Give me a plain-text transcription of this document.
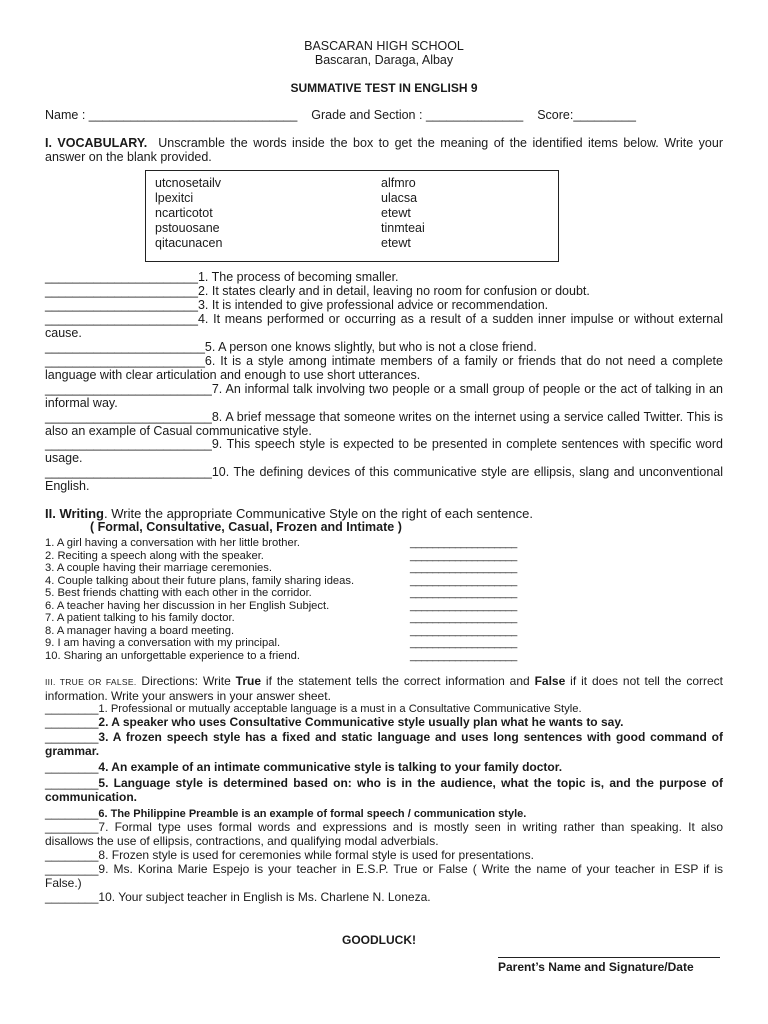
BASCARAN HIGH SCHOOL
Bascaran, Daraga, Albay
SUMMATIVE TEST IN ENGLISH 9
Name : ______________________________ Grade and Section : ______________ Score:_________
I. VOCABULARY. Unscramble the words inside the box to get the meaning of the identified items below. Write your answer on the blank provided.
utcnosetailv
lpexitci
ncarticotot
pstouosane
qitacunacen
alfmro
ulacsa
etewt
tinmteai
etewt
______________________1. The process of becoming smaller.
______________________2. It states clearly and in detail, leaving no room for confusion or doubt.
______________________3. It is intended to give professional advice or recommendation.
______________________4. It means performed or occurring as a result of a sudden inner impulse or without external cause.
_______________________5. A person one knows slightly, but who is not a close friend.
_______________________6. It is a style among intimate members of a family or friends that do not need a complete language with clear articulation and enough to use short utterances.
________________________7. An informal talk involving two people or a small group of people or the act of talking in an informal way.
________________________8. A brief message that someone writes on the internet using a service called Twitter. This is also an example of Casual communicative style.
________________________9. This speech style is expected to be presented in complete sentences with specific word usage.
________________________10. The defining devices of this communicative style are ellipsis, slang and unconventional English.
II. Writing. Write the appropriate Communicative Style on the right of each sentence.
( Formal, Consultative, Casual, Frozen and Intimate )
1. A girl having a conversation with her little brother.
2. Reciting a speech along with the speaker.
3. A couple having their marriage ceremonies.
4. Couple talking about their future plans, family sharing ideas.
5. Best friends chatting with each other in the corridor.
6. A teacher having her discussion in her English Subject.
7. A patient talking to his family doctor.
8. A manager having a board meeting.
9. I am having a conversation with my principal.
10. Sharing an unforgettable experience to a friend.
___________________
___________________
___________________
___________________
___________________
___________________
___________________
___________________
___________________
___________________
III. TRUE OR FALSE. Directions: Write True if the statement tells the correct information and False if it does not tell the correct information. Write your answers in your answer sheet.
________1. Professional or mutually acceptable language is a must in a Consultative Communicative Style.
________2. A speaker who uses Consultative Communicative style usually plan what he wants to say.
________3. A frozen speech style has a fixed and static language and uses long sentences with good command of grammar.
________4. An example of an intimate communicative style is talking to your family doctor.
________5. Language style is determined based on: who is in the audience, what the topic is, and the purpose of communication.
________6. The Philippine Preamble is an example of formal speech / communication style.
________7. Formal type uses formal words and expressions and is mostly seen in writing rather than speaking. It also disallows the use of ellipsis, contractions, and qualifying modal adverbials.
________8. Frozen style is used for ceremonies while formal style is used for presentations.
________9. Ms. Korina Marie Espejo is your teacher in E.S.P. True or False ( Write the name of your teacher in ESP if is False.)
________10. Your subject teacher in English is Ms. Charlene N. Loneza.
GOODLUCK!
Parent’s Name and Signature/Date
